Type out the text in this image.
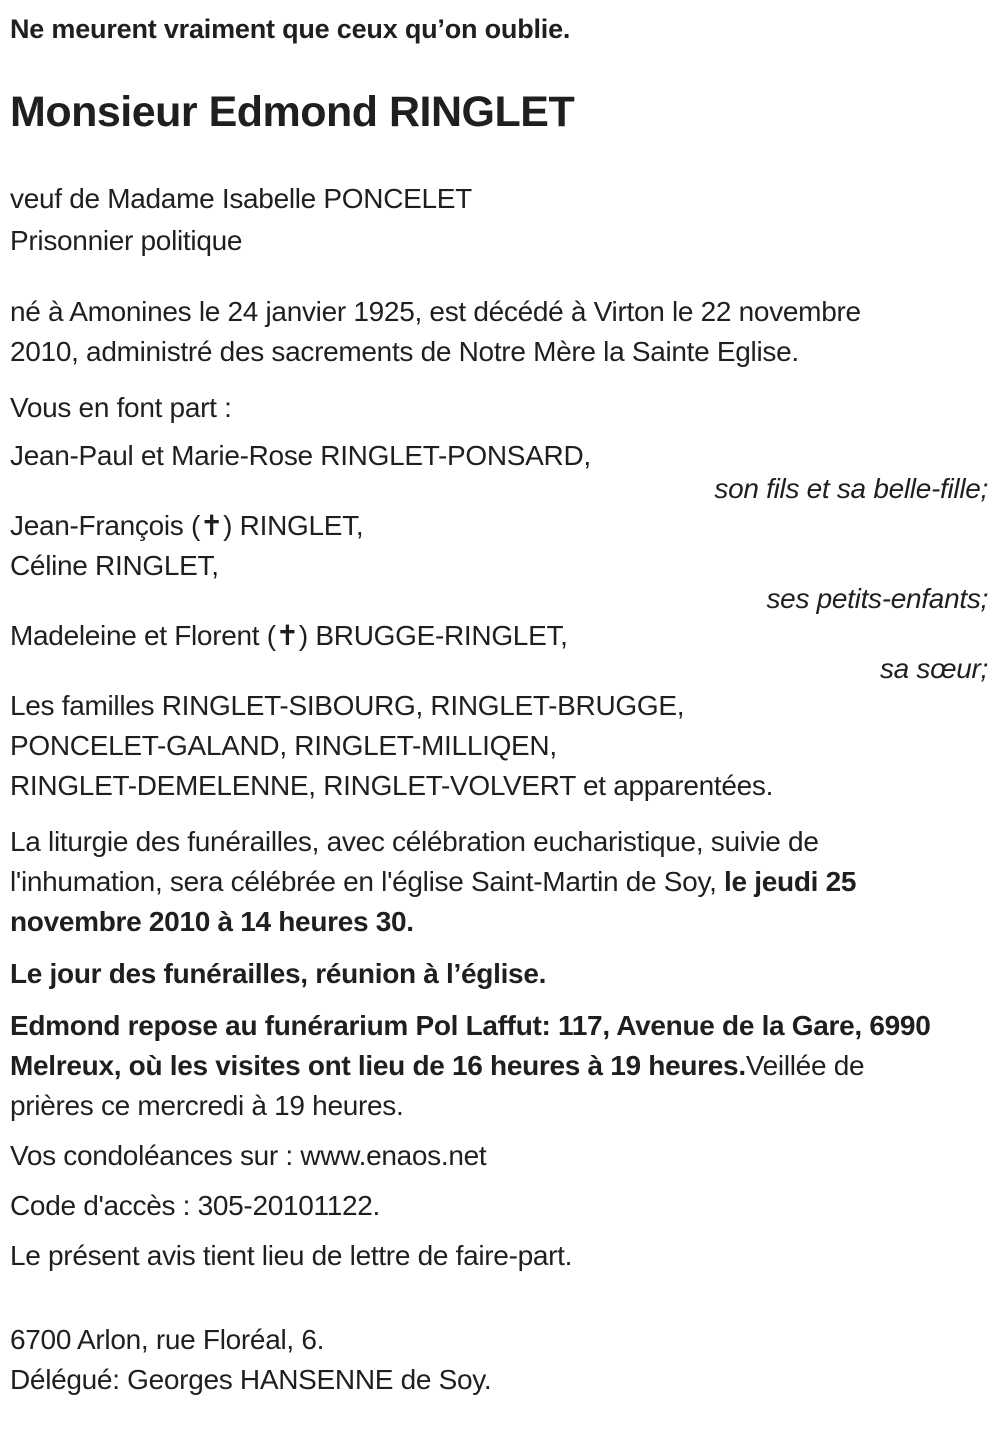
Ne meurent vraiment que ceux qu’on oublie.
Monsieur Edmond RINGLET
veuf de Madame Isabelle PONCELET
Prisonnier politique
né à Amonines le 24 janvier 1925, est décédé à Virton le 22 novembre
2010, administré des sacrements de Notre Mère la Sainte Eglise.
Vous en font part :
Jean-Paul et Marie-Rose RINGLET-PONSARD,
son fils et sa belle-fille;
Jean-François (✝) RINGLET,
Céline RINGLET,
ses petits-enfants;
Madeleine et Florent (✝) BRUGGE-RINGLET,
sa sœur;
Les familles RINGLET-SIBOURG, RINGLET-BRUGGE,
PONCELET-GALAND, RINGLET-MILLIQEN,
RINGLET-DEMELENNE, RINGLET-VOLVERT et apparentées.
La liturgie des funérailles, avec célébration eucharistique, suivie de
l'inhumation, sera célébrée en l'église Saint-Martin de Soy, le jeudi 25
novembre 2010 à 14 heures 30.
Le jour des funérailles, réunion à l’église.
Edmond repose au funérarium Pol Laffut: 117, Avenue de la Gare, 6990
Melreux, où les visites ont lieu de 16 heures à 19 heures.Veillée de
prières ce mercredi à 19 heures.
Vos condoléances sur : www.enaos.net
Code d'accès : 305-20101122.
Le présent avis tient lieu de lettre de faire-part.
6700 Arlon, rue Floréal, 6.
Délégué: Georges HANSENNE de Soy.
